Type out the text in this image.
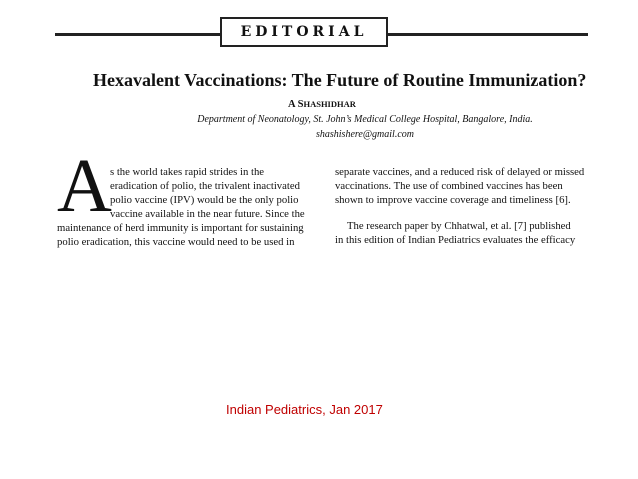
EDITORIAL
Hexavalent Vaccinations: The Future of Routine Immunization?
A SHASHIDHAR
Department of Neonatology, St. John’s Medical College Hospital, Bangalore, India.
shashishere@gmail.com
A
s the world takes rapid strides in the
eradication of polio, the trivalent inactivated
polio vaccine (IPV) would be the only polio
vaccine available in the near future. Since the
maintenance of herd immunity is important for sustaining
polio eradication, this vaccine would need to be used in
separate vaccines, and a reduced risk of delayed or missed
vaccinations. The use of combined vaccines has been
shown to improve vaccine coverage and timeliness [6].
The research paper by Chhatwal, et al. [7] published
in this edition of Indian Pediatrics evaluates the efficacy
Indian Pediatrics, Jan 2017
